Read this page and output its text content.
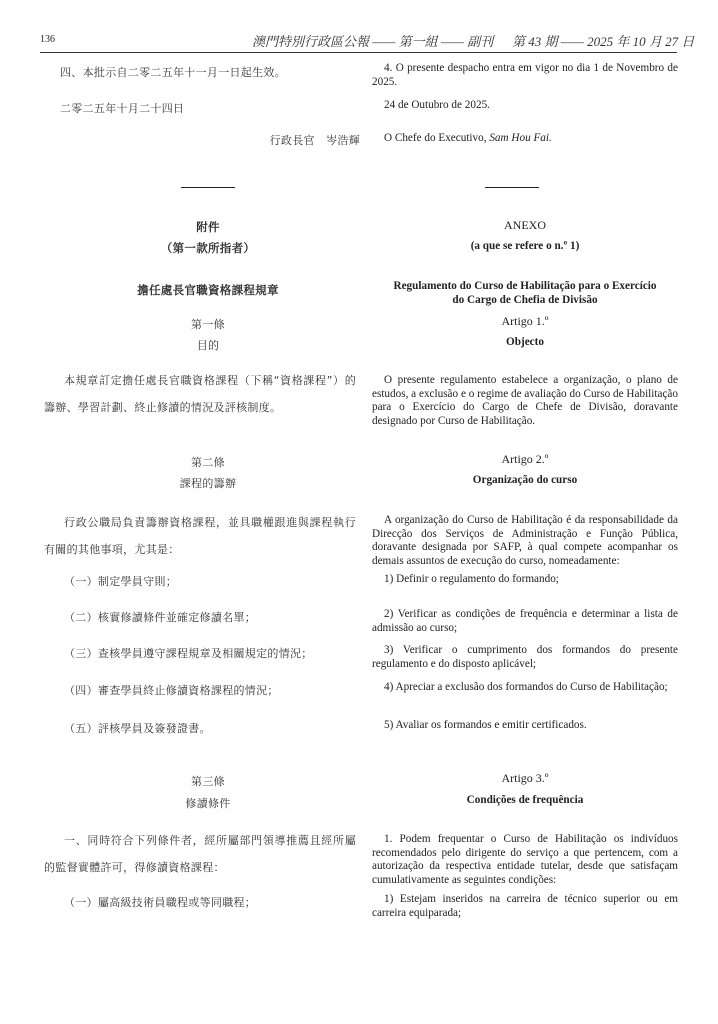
136	澳門特別行政區公報 —— 第一組 —— 副刊 第 43 期 —— 2025 年 10 月 27 日
四、本批示自二零二五年十一月一日起生效。	4. O presente despacho entra em vigor no dia 1 de Novembro de 2025.
二零二五年十月二十四日	24 de Outubro de 2025.
行政長官　岑浩輝 O Chefe do Executivo, Sam Hou Fai.
附件	ANEXO
（第一款所指者）	(a que se refere o n.º 1)
擔任處長官職資格課程規章	Regulamento do Curso de Habilitação para o Exercício do Cargo de Chefia de Divisão
第一條	Artigo 1.º
目的	Objecto
本規章訂定擔任處長官職資格課程（下稱“資格課程”）的籌辦、學習計劃、終止修讀的情況及評核制度。
O presente regulamento estabelece a organização, o plano de estudos, a exclusão e o regime de avaliação do Curso de Habilitação para o Exercício do Cargo de Chefe de Divisão, doravante designado por Curso de Habilitação.
第二條	Artigo 2.º
課程的籌辦	Organização do curso
行政公職局負責籌辦資格課程，並具職權跟進與課程執行有關的其他事項，尤其是：
A organização do Curso de Habilitação é da responsabilidade da Direcção dos Serviços de Administração e Função Pública, doravante designada por SAFP, à qual compete acompanhar os demais assuntos de execução do curso, nomeadamente:
（一）制定學員守則；	1) Definir o regulamento do formando;
（二）核實修讀條件並確定修讀名單；	2) Verificar as condições de frequência e determinar a lista de admissão ao curso;
（三）查核學員遵守課程規章及相關規定的情況；	3) Verificar o cumprimento dos formandos do presente regulamento e do disposto aplicável;
（四）審查學員終止修讀資格課程的情況；	4) Apreciar a exclusão dos formandos do Curso de Habilitação;
（五）評核學員及簽發證書。	5) Avaliar os formandos e emitir certificados.
第三條	Artigo 3.º
修讀條件	Condições de frequência
一、同時符合下列條件者，經所屬部門領導推薦且經所屬的監督實體許可，得修讀資格課程：
1. Podem frequentar o Curso de Habilitação os indivíduos recomendados pelo dirigente do serviço a que pertencem, com a autorização da respectiva entidade tutelar, desde que satisfaçam cumulativamente as seguintes condições:
（一）屬高級技術員職程或等同職程；	1) Estejam inseridos na carreira de técnico superior ou em carreira equiparada;
